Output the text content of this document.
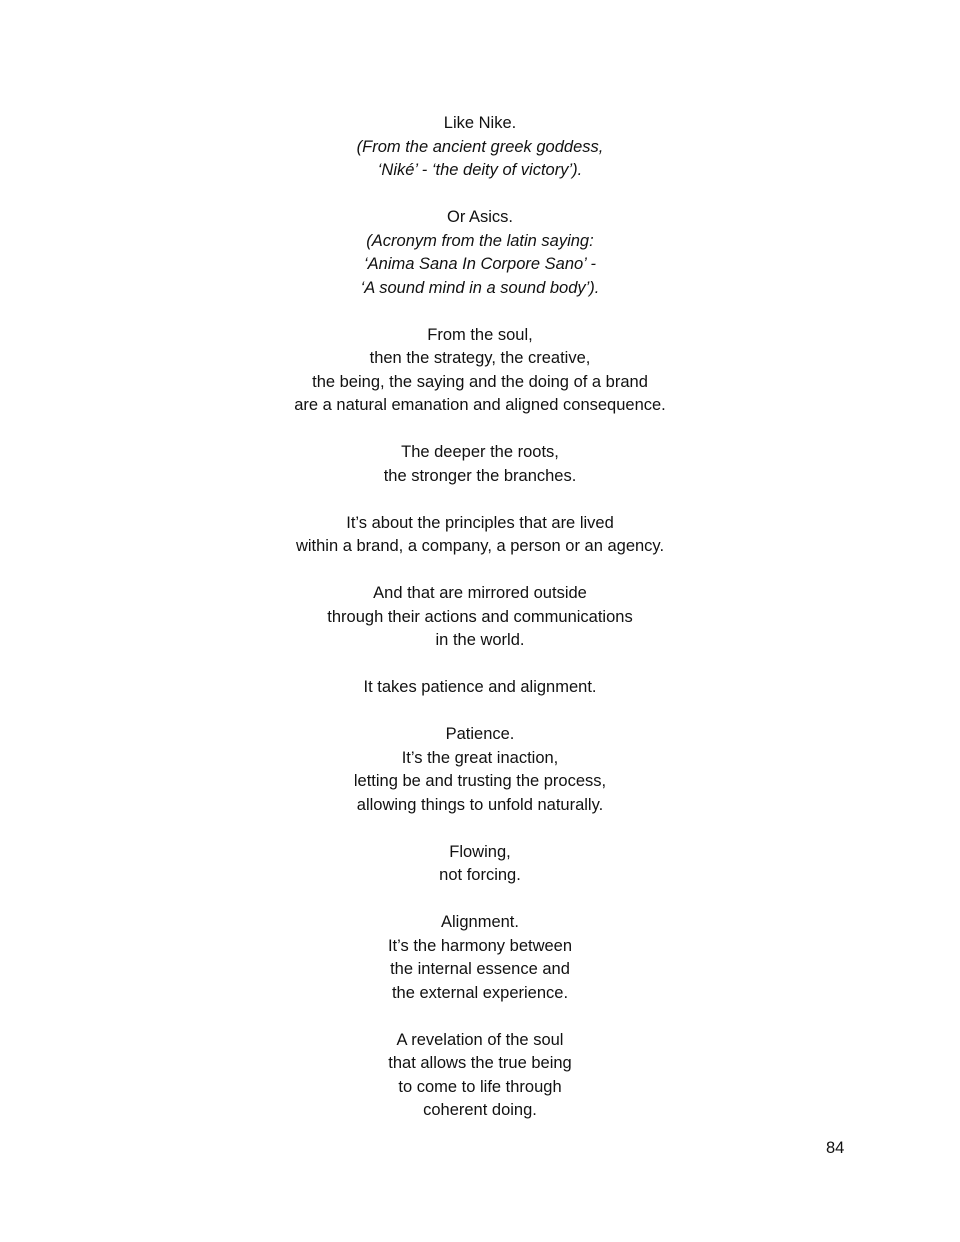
Like Nike.
(From the ancient greek goddess,
‘Niké’ - ‘the deity of victory’).
Or Asics.
(Acronym from the latin saying:
‘Anima Sana In Corpore Sano’ -
‘A sound mind in a sound body’).
From the soul,
then the strategy, the creative,
the being, the saying and the doing of a brand
are a natural emanation and aligned consequence.
The deeper the roots,
the stronger the branches.
It’s about the principles that are lived
within a brand, a company, a person or an agency.
And that are mirrored outside
through their actions and communications
in the world.
It takes patience and alignment.
Patience.
It’s the great inaction,
letting be and trusting the process,
allowing things to unfold naturally.
Flowing,
not forcing.
Alignment.
It’s the harmony between
the internal essence and
the external experience.
A revelation of the soul
that allows the true being
to come to life through
coherent doing.
84
